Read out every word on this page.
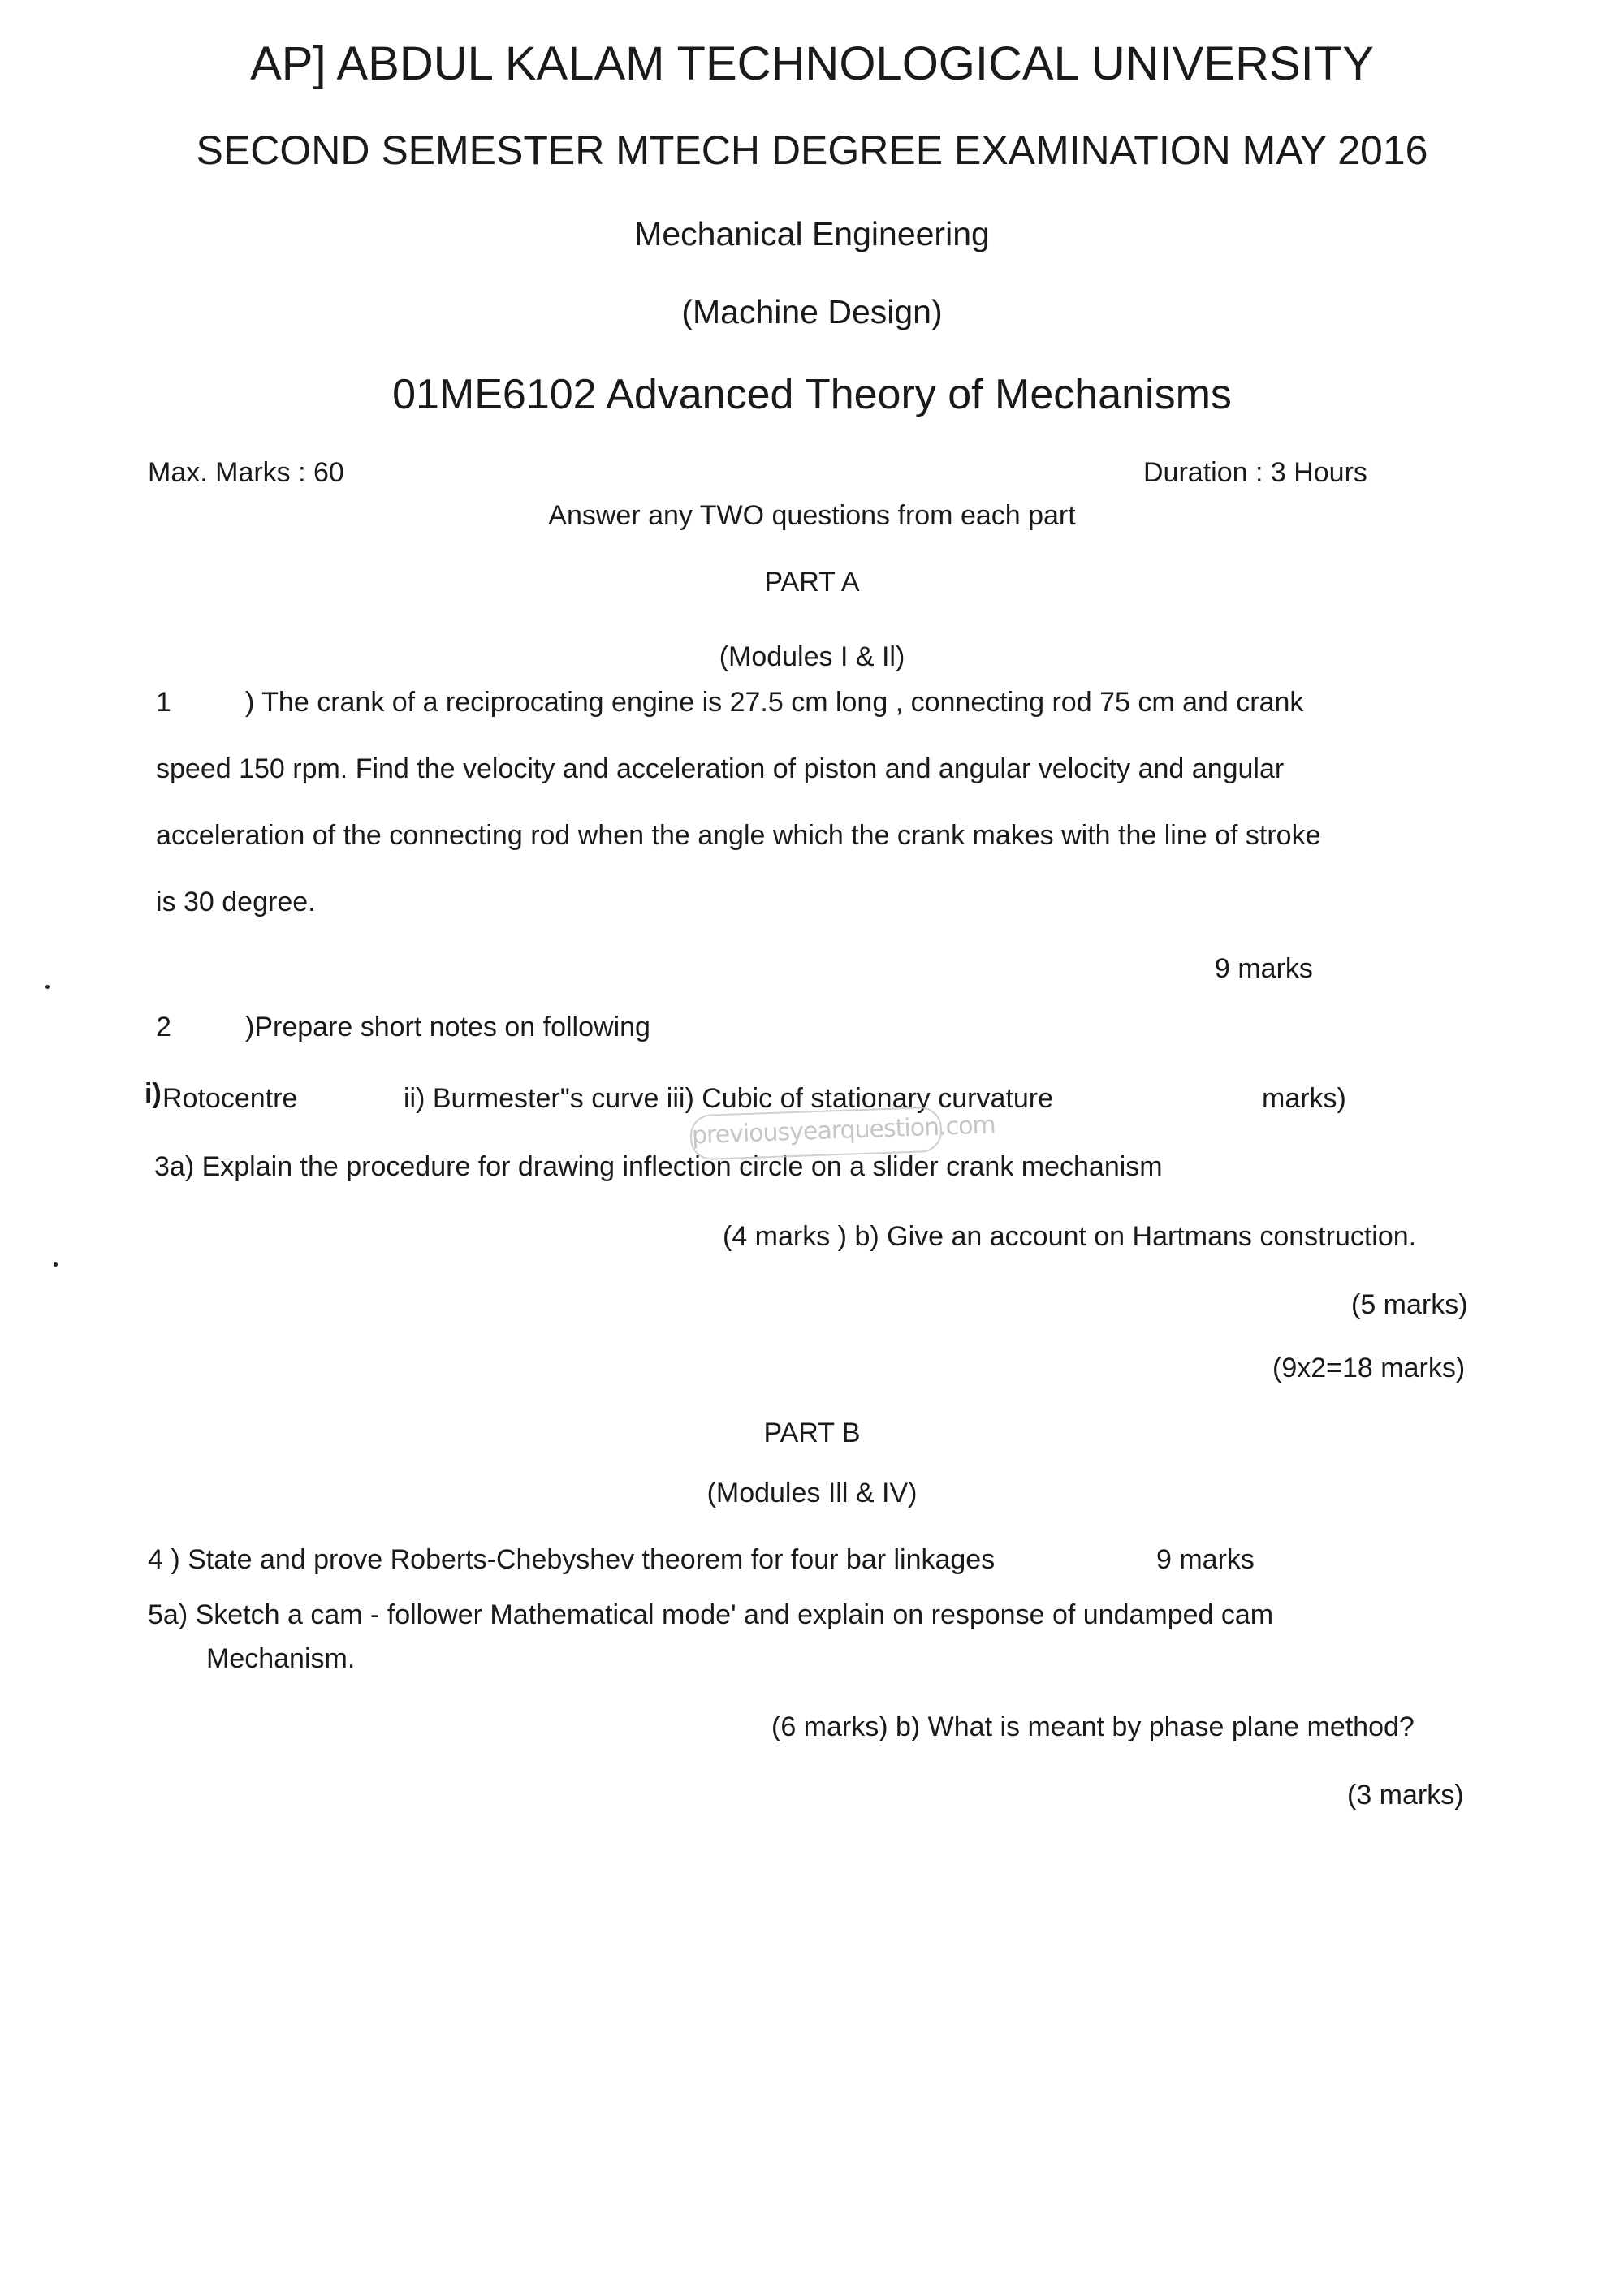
AP] ABDUL KALAM TECHNOLOGICAL UNIVERSITY
SECOND SEMESTER MTECH DEGREE EXAMINATION MAY 2016
Mechanical Engineering
(Machine Design)
01ME6102 Advanced Theory of Mechanisms
Max. Marks : 60	Duration : 3 Hours
Answer any TWO questions from each part
PART A
(Modules I & Il)
1	) The crank of a reciprocating engine is 27.5 cm long , connecting rod 75 cm and crank
speed 150 rpm. Find the velocity and acceleration of piston and angular velocity and angular
acceleration of the connecting rod when the angle which the crank makes with the line of stroke
is 30 degree.
9 marks
2	)Prepare short notes on following
i) Rotocentre	ii) Burmester"s curve iii) Cubic of stationary curvature	marks)
3a) Explain the procedure for drawing inflection circle on a slider crank mechanism
previousyearquestion.com
(4 marks ) b) Give an account on Hartmans construction.
(5 marks)
(9x2=18 marks)
PART B
(Modules Ill & IV)
4 ) State and prove Roberts-Chebyshev theorem for four bar linkages	9 marks
5a) Sketch a cam - follower Mathematical mode' and explain on response of undamped cam
Mechanism.
(6 marks) b) What is meant by phase plane method?
(3 marks)
